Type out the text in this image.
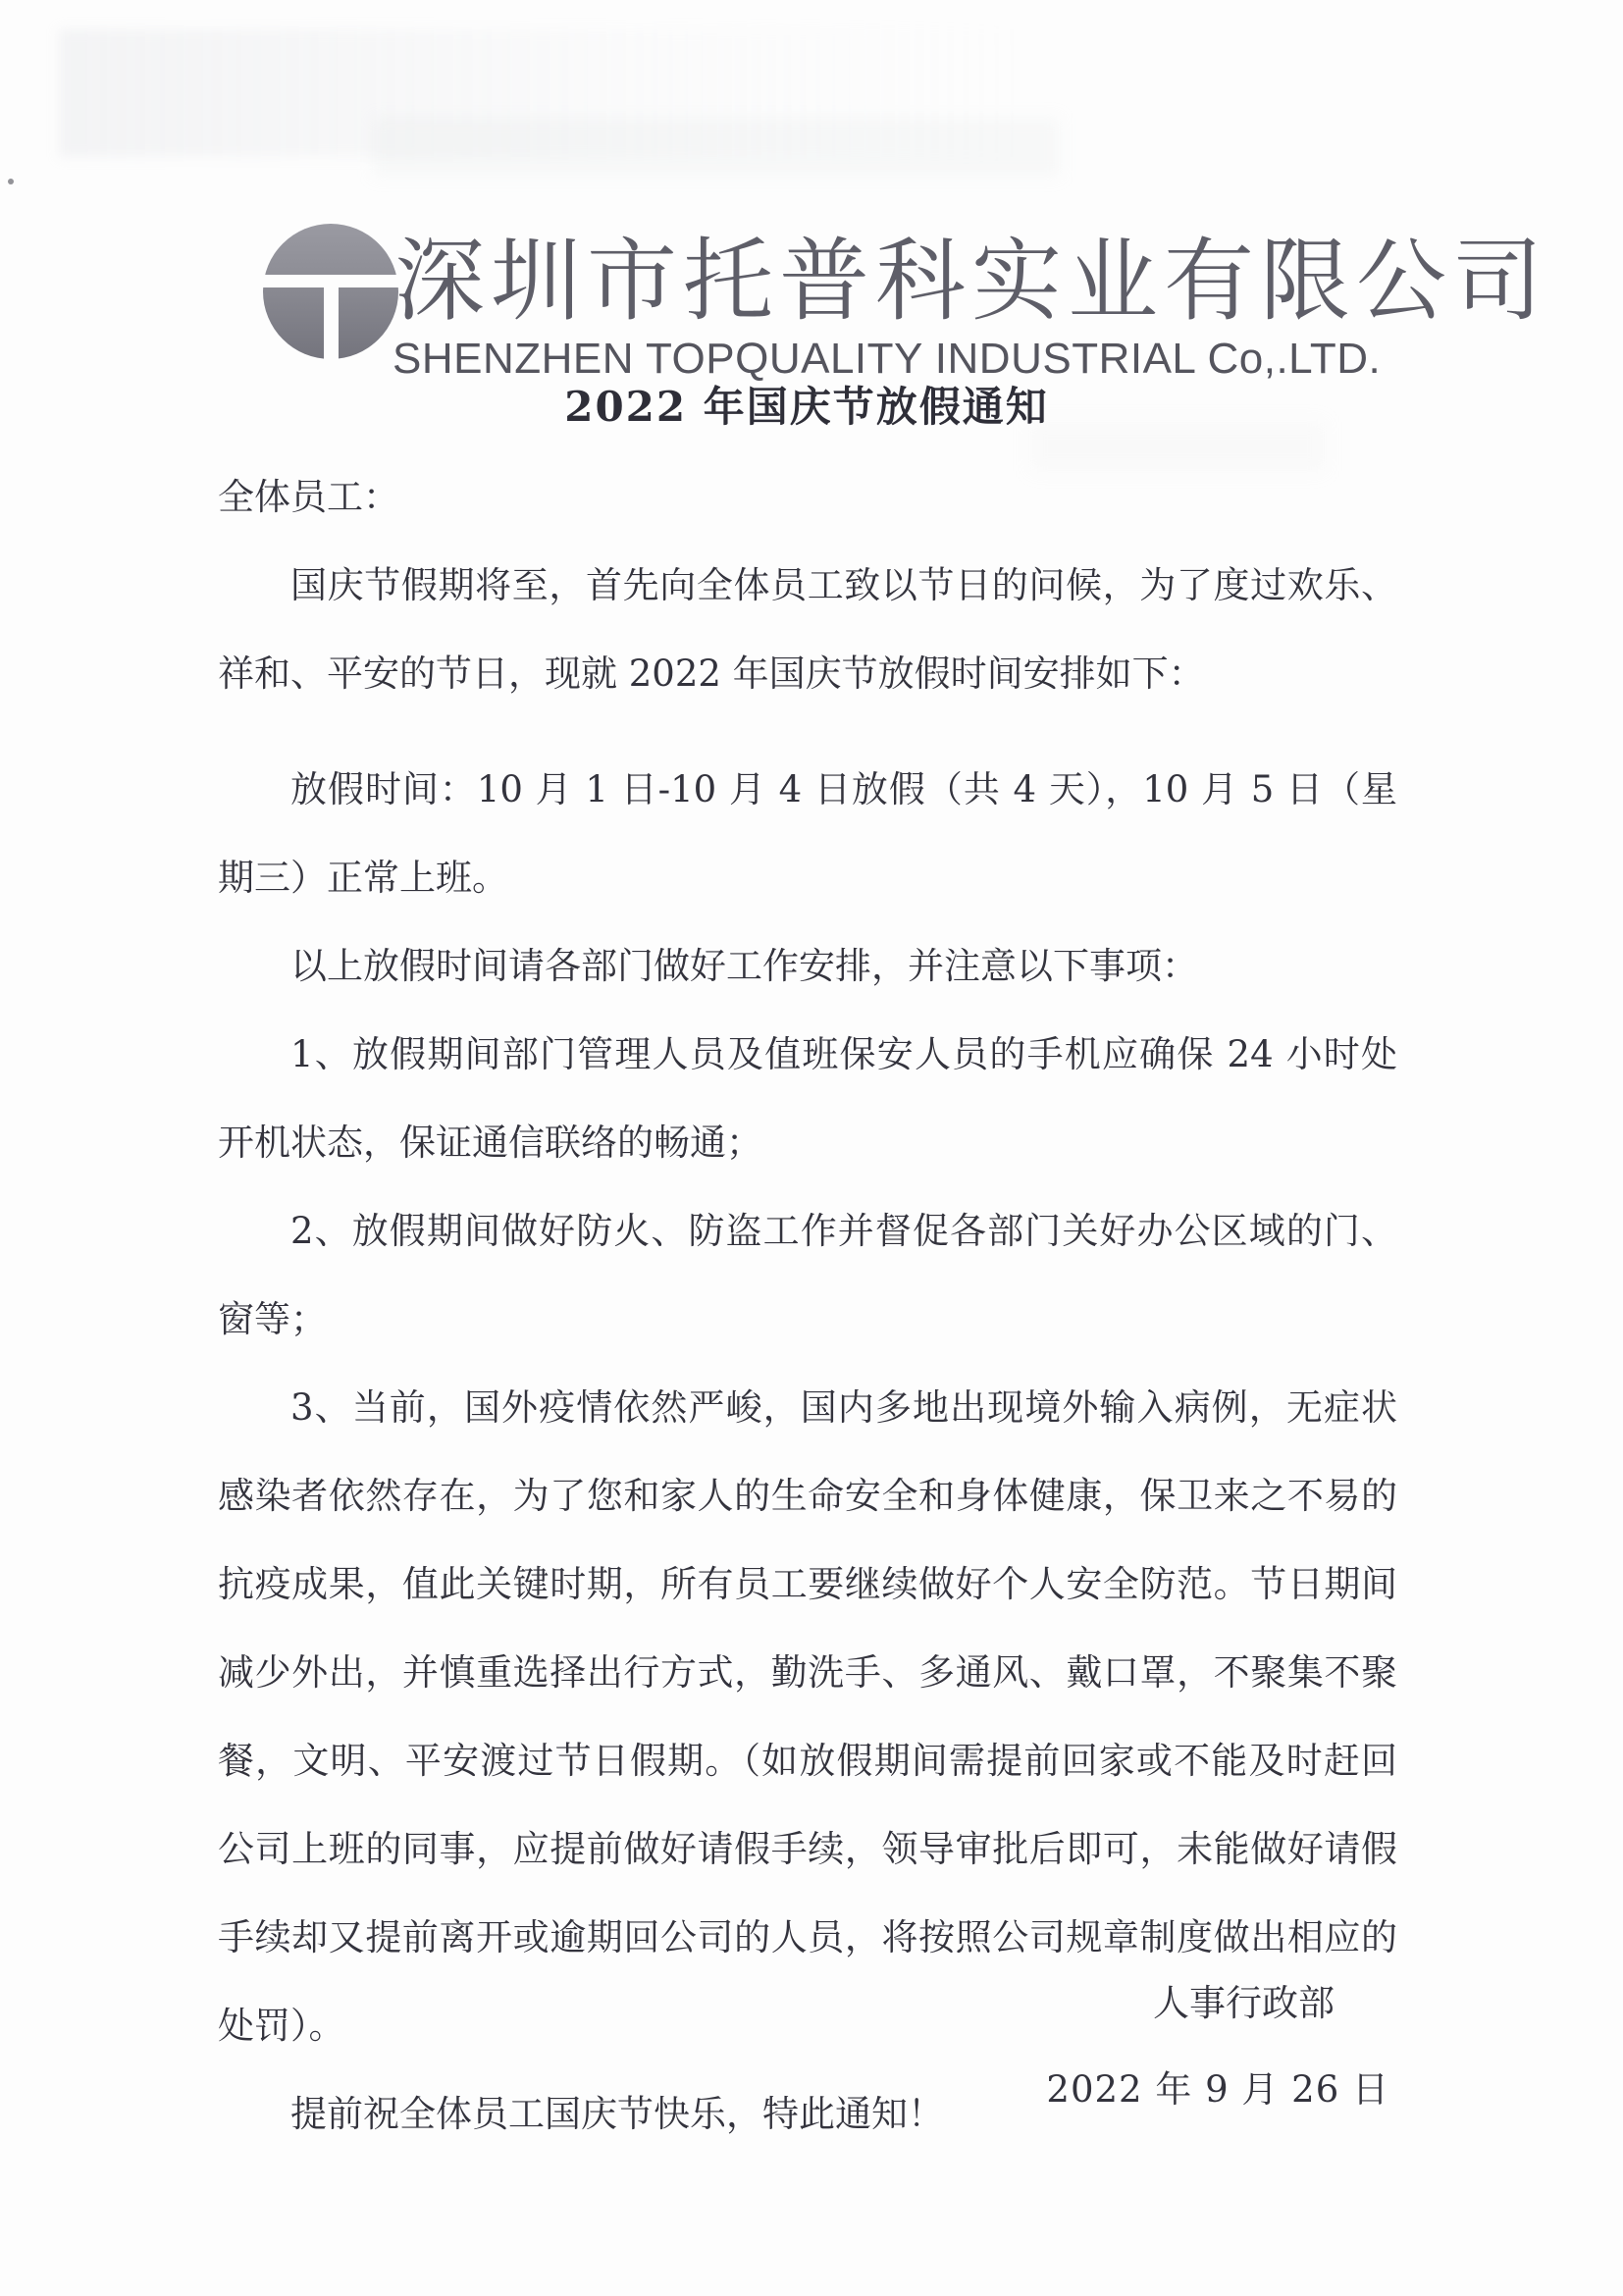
深圳市托普科实业有限公司
SHENZHEN TOPQUALITY INDUSTRIAL Co,.LTD.
2022 年国庆节放假通知

全体员工：

国庆节假期将至，首先向全体员工致以节日的问候，为了度过欢乐、祥和、平安的节日，现就 2022 年国庆节放假时间安排如下：

放假时间：10 月 1 日-10 月 4 日放假（共 4 天），10 月 5 日（星期三）正常上班。

以上放假时间请各部门做好工作安排，并注意以下事项：

1、放假期间部门管理人员及值班保安人员的手机应确保 24 小时处开机状态，保证通信联络的畅通；

2、放假期间做好防火、防盗工作并督促各部门关好办公区域的门、窗等；

3、当前，国外疫情依然严峻，国内多地出现境外输入病例，无症状感染者依然存在，为了您和家人的生命安全和身体健康，保卫来之不易的抗疫成果，值此关键时期，所有员工要继续做好个人安全防范。节日期间减少外出，并慎重选择出行方式，勤洗手、多通风、戴口罩，不聚集不聚餐，文明、平安渡过节日假期。（如放假期间需提前回家或不能及时赶回公司上班的同事，应提前做好请假手续，领导审批后即可，未能做好请假手续却又提前离开或逾期回公司的人员，将按照公司规章制度做出相应的处罚）。

提前祝全体员工国庆节快乐，特此通知！

人事行政部
2022 年 9 月 26 日
